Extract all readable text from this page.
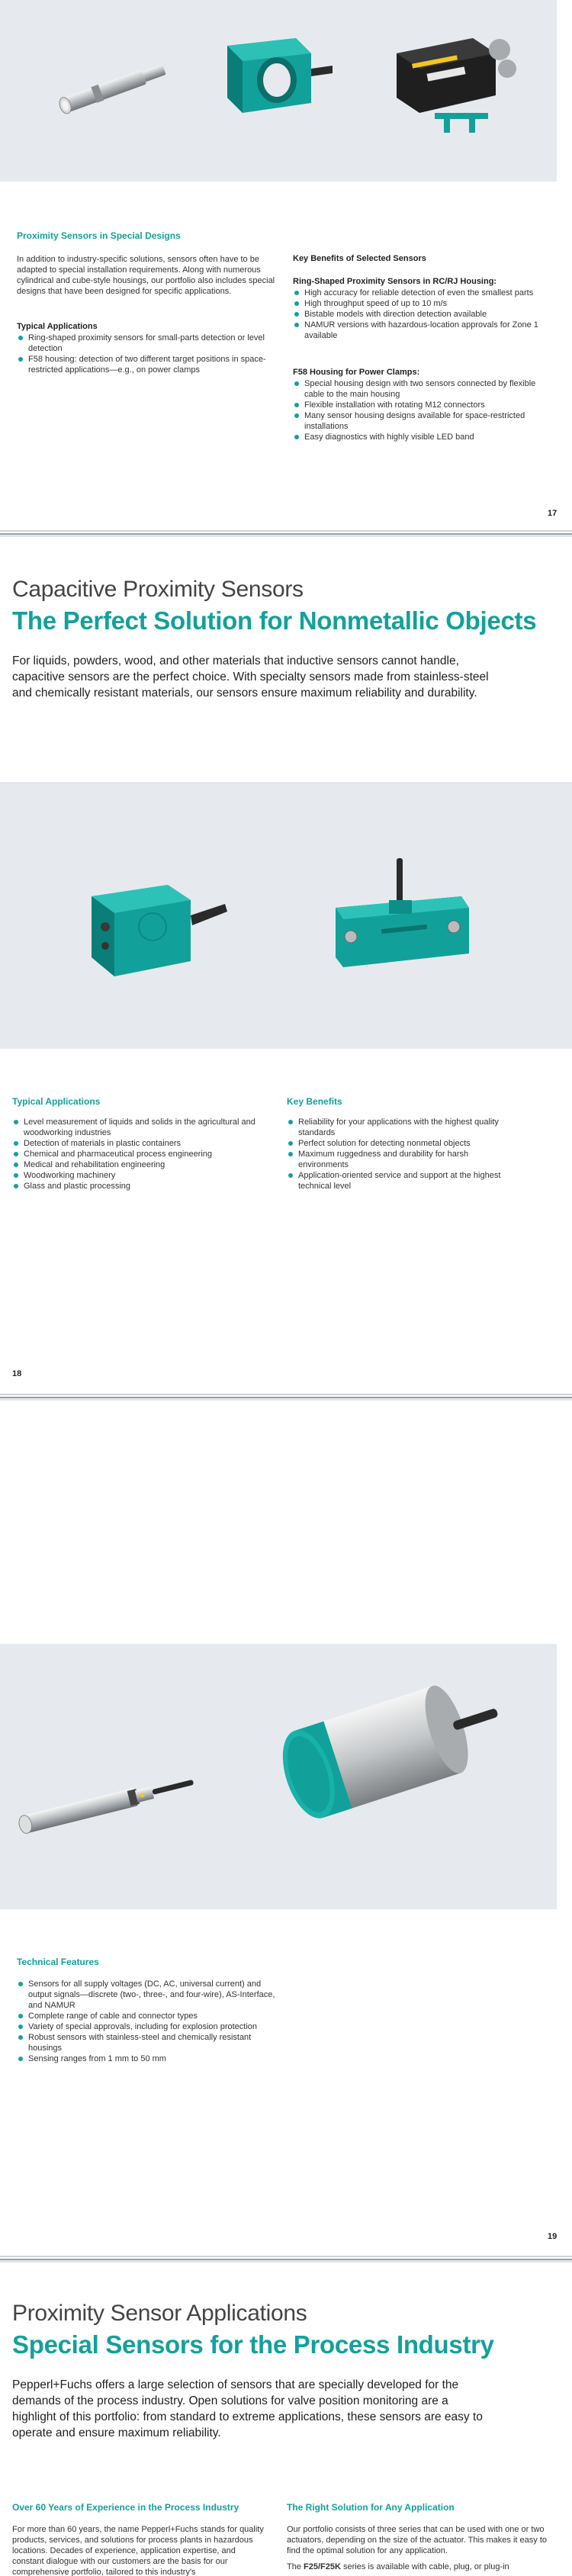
Proximity Sensors in Special Designs

In addition to industry-specific solutions, sensors often have to be adapted to special installation requirements. Along with numerous cylindrical and cube-style housings, our portfolio also includes special designs that have been designed for specific applications.

Typical Applications
Ring-shaped proximity sensors for small-parts detection or level detection
F58 housing: detection of two different target positions in space-restricted applications—e.g., on power clamps
Key Benefits of Selected Sensors
Ring-Shaped Proximity Sensors in RC/RJ Housing:
High accuracy for reliable detection of even the smallest parts
High throughput speed of up to 10 m/s
Bistable models with direction detection available
NAMUR versions with hazardous-location approvals for Zone 1 available
F58 Housing for Power Clamps:
Special housing design with two sensors connected by flexible cable to the main housing
Flexible installation with rotating M12 connectors
Many sensor housing designs available for space-restricted installations
Easy diagnostics with highly visible LED band
17
Capacitive Proximity Sensors
The Perfect Solution for Nonmetallic Objects

For liquids, powders, wood, and other materials that inductive sensors cannot handle, capacitive sensors are the perfect choice. With specialty sensors made from stainless-steel and chemically resistant materials, our sensors ensure maximum reliability and durability.

Typical Applications
Level measurement of liquids and solids in the agricultural and woodworking industries
Detection of materials in plastic containers
Chemical and pharmaceutical process engineering
Medical and rehabilitation engineering
Woodworking machinery
Glass and plastic processing
Key Benefits
Reliability for your applications with the highest quality standards
Perfect solution for detecting nonmetal objects
Maximum ruggedness and durability for harsh environments
Application-oriented service and support at the highest technical level
18
Technical Features
Sensors for all supply voltages (DC, AC, universal current) and output signals—discrete (two-, three-, and four-wire), AS-Interface, and NAMUR
Complete range of cable and connector types
Variety of special approvals, including for explosion protection
Robust sensors with stainless-steel and chemically resistant housings
Sensing ranges from 1 mm to 50 mm
19
Proximity Sensor Applications
Special Sensors for the Process Industry

Pepperl+Fuchs offers a large selection of sensors that are specially developed for the demands of the process industry. Open solutions for valve position monitoring are a highlight of this portfolio: from standard to extreme applications, these sensors are easy to operate and ensure maximum reliability.

Over 60 Years of Experience in the Process Industry

For more than 60 years, the name Pepperl+Fuchs stands for quality products, services, and solutions for process plants in hazardous locations. Decades of experience, application expertise, and constant dialogue with our customers are the basis for our comprehensive portfolio, tailored to this industry's

The Right Solution for Any Application

Our portfolio consists of three series that can be used with one or two actuators, depending on the size of the actuator. This makes it easy to find the optimal solution for any application.

The F25/F25K series is available with cable, plug, or plug-in
